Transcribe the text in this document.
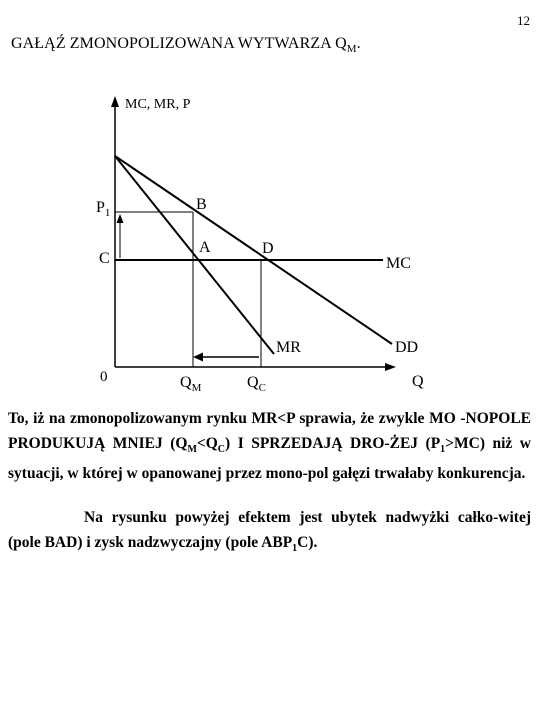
12
GAŁĄŹ ZMONOPOLIZOWANA WYTWARZA $Q_M$.
MC, MR, P
$P_1$	B
C
A	D
MC
MR	DD
0	$Q_M$	$Q_C$	Q
To, iż na zmonopolizowanym rynku MR<P sprawia, że zwykle MO -NOPOLE PRODUKUJĄ MNIEJ $(Q_M<Q_C)$ I SPRZEDAJĄ DRO-ŻEJ $(P_1>MC)$ niż w sytuacji, w której w opanowanej przez mono-pol gałęzi trwałaby konkurencja.
Na rysunku powyżej efektem jest ubytek nadwyżki całko-witej (pole BAD) i zysk nadzwyczajny (pole $ABP_1C$).
